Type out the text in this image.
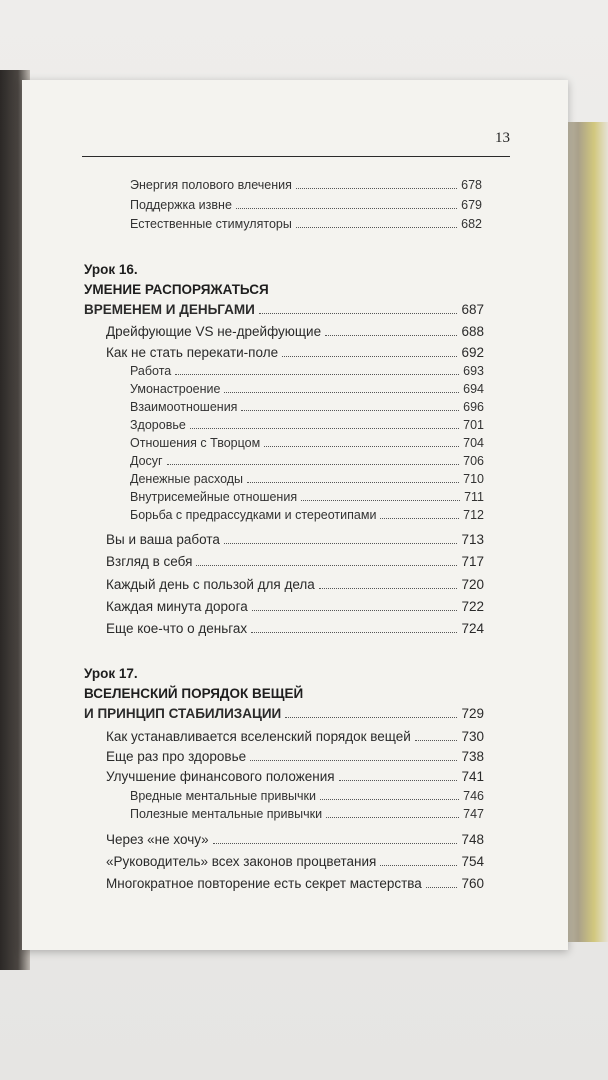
13
Энергия полового влечения	678
Поддержка извне	679
Естественные стимуляторы	682
Урок 16.
УМЕНИЕ РАСПОРЯЖАТЬСЯ
ВРЕМЕНЕМ И ДЕНЬГАМИ	687
Дрейфующие VS не-дрейфующие	688
Как не стать перекати-поле	692
Работа	693
Умонастроение	694
Взаимоотношения	696
Здоровье	701
Отношения с Творцом	704
Досуг	706
Денежные расходы	710
Внутрисемейные отношения	711
Борьба с предрассудками и стереотипами	712
Вы и ваша работа	713
Взгляд в себя	717
Каждый день с пользой для дела	720
Каждая минута дорога	722
Еще кое-что о деньгах	724
Урок 17.
ВСЕЛЕНСКИЙ ПОРЯДОК ВЕЩЕЙ
И ПРИНЦИП СТАБИЛИЗАЦИИ	729
Как устанавливается вселенский порядок вещей	730
Еще раз про здоровье	738
Улучшение финансового положения	741
Вредные ментальные привычки	746
Полезные ментальные привычки	747
Через «не хочу»	748
«Руководитель» всех законов процветания	754
Многократное повторение есть секрет мастерства	760
